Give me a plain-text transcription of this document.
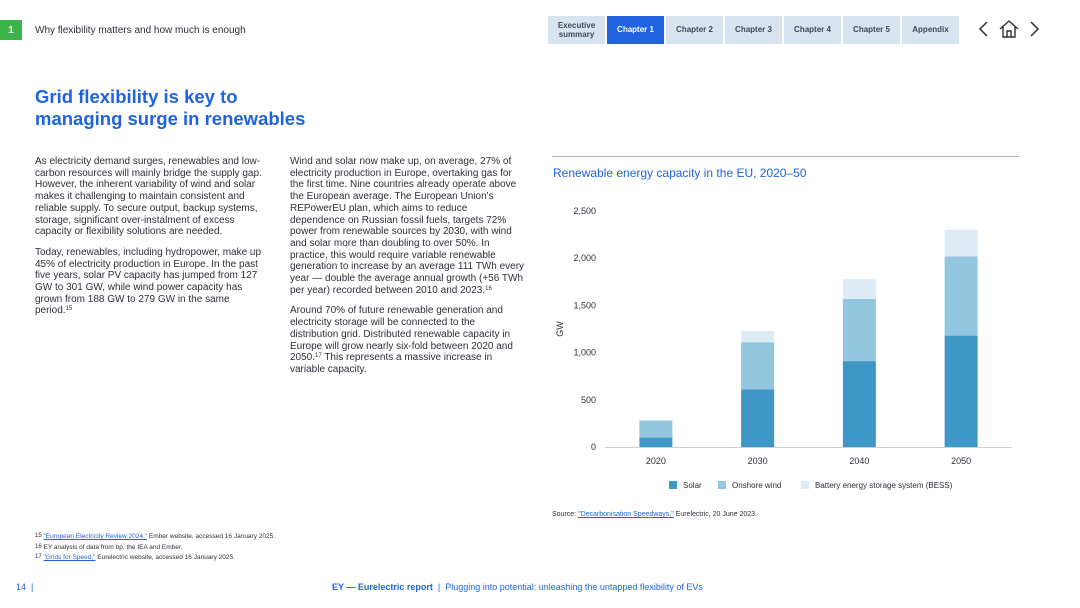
1	Why flexibility matters and how much is enough	Executive summary
Chapter 1	Chapter 2	Chapter 3	Chapter 4	Chapter 5	Appendix
Grid flexibility is key to
managing surge in renewables

As electricity demand surges, renewables and low-carbon resources will mainly bridge the supply gap. However, the inherent variability of wind and solar makes it challenging to maintain consistent and reliable supply. To secure output, backup systems, storage, significant over-instalment of excess capacity or flexibility solutions are needed.

Today, renewables, including hydropower, make up 45% of electricity production in Europe. In the past five years, solar PV capacity has jumped from 127 GW to 301 GW, while wind power capacity has grown from 188 GW to 279 GW in the same period.$^{15}$

Wind and solar now make up, on average, 27% of electricity production in Europe, overtaking gas for the first time. Nine countries already operate above the European average. The European Union's REPowerEU plan, which aims to reduce dependence on Russian fossil fuels, targets 72% power from renewable sources by 2030, with wind and solar more than doubling to over 50%. In practice, this would require variable renewable generation to increase by an average 111 TWh every year — double the average annual growth (+56 TWh per year) recorded between 2010 and 2023.16

Around 70% of future renewable generation and electricity storage will be connected to the distribution grid. Distributed renewable capacity in Europe will grow nearly six-fold between 2020 and 2050.17 This represents a massive increase in variable capacity.

Renewable energy capacity in the EU, 2020–50
0
500
1,000
1,500
2,000
2,500
GW
2020	2030	2040	2050
Solar	Onshore wind	Battery energy storage system (BESS)
Source: "Decarbonisation Speedways," Eurelectric, 20 June 2023.
$^{15}$ "European Electricity Review 2024," Ember website, accessed 16 January 2025.
$^{16}$ EY analysis of data from bp, the IEA and Ember.
$^{17}$ "Grids for Speed," Eurelectric website, accessed 16 January 2025.
14  |	EY — Eurelectric report  |  Plugging into potential: unleashing the untapped flexibility of EVs
